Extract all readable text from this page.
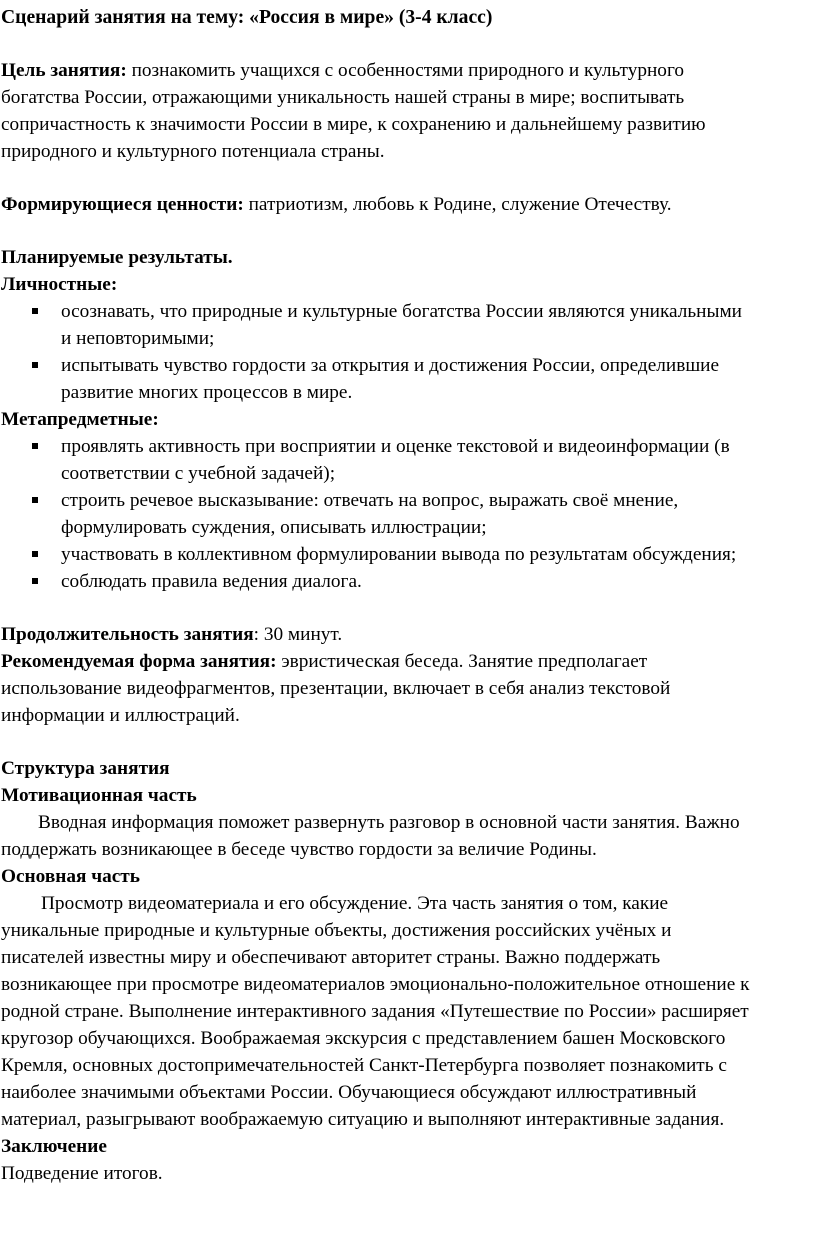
Сценарий занятия на тему: «Россия в мире» (3-4 класс)

Цель занятия: познакомить учащихся с особенностями природного и культурного

богатства России, отражающими уникальность нашей страны в мире; воспитывать

сопричастность к значимости России в мире, к сохранению и дальнейшему развитию

природного и культурного потенциала страны.

Формирующиеся ценности: патриотизм, любовь к Родине, служение Отечеству.

Планируемые результаты.

Личностные:

осознавать, что природные и культурные богатства России являются уникальными
и неповторимыми;
испытывать чувство гордости за открытия и достижения России, определившие
развитие многих процессов в мире.

Метапредметные:

проявлять активность при восприятии и оценке текстовой и видеоинформации (в
соответствии с учебной задачей);
строить речевое высказывание: отвечать на вопрос, выражать своё мнение,
формулировать суждения, описывать иллюстрации;
участвовать в коллективном формулировании вывода по результатам обсуждения;
соблюдать правила ведения диалога.

Продолжительность занятия: 30 минут.

Рекомендуемая форма занятия: эвристическая беседа. Занятие предполагает

использование видеофрагментов, презентации, включает в себя анализ текстовой

информации и иллюстраций.

Структура занятия

Мотивационная часть

Вводная информация поможет развернуть разговор в основной части занятия. Важно

поддержать возникающее в беседе чувство гордости за величие Родины.

Основная часть

Просмотр видеоматериала и его обсуждение. Эта часть занятия о том, какие

уникальные природные и культурные объекты, достижения российских учёных и

писателей известны миру и обеспечивают авторитет страны. Важно поддержать

возникающее при просмотре видеоматериалов эмоционально-положительное отношение к

родной стране. Выполнение интерактивного задания «Путешествие по России» расширяет

кругозор обучающихся. Воображаемая экскурсия с представлением башен Московского

Кремля, основных достопримечательностей Санкт-Петербурга позволяет познакомить с

наиболее значимыми объектами России. Обучающиеся обсуждают иллюстративный

материал, разыгрывают воображаемую ситуацию и выполняют интерактивные задания.

Заключение

Подведение итогов.
